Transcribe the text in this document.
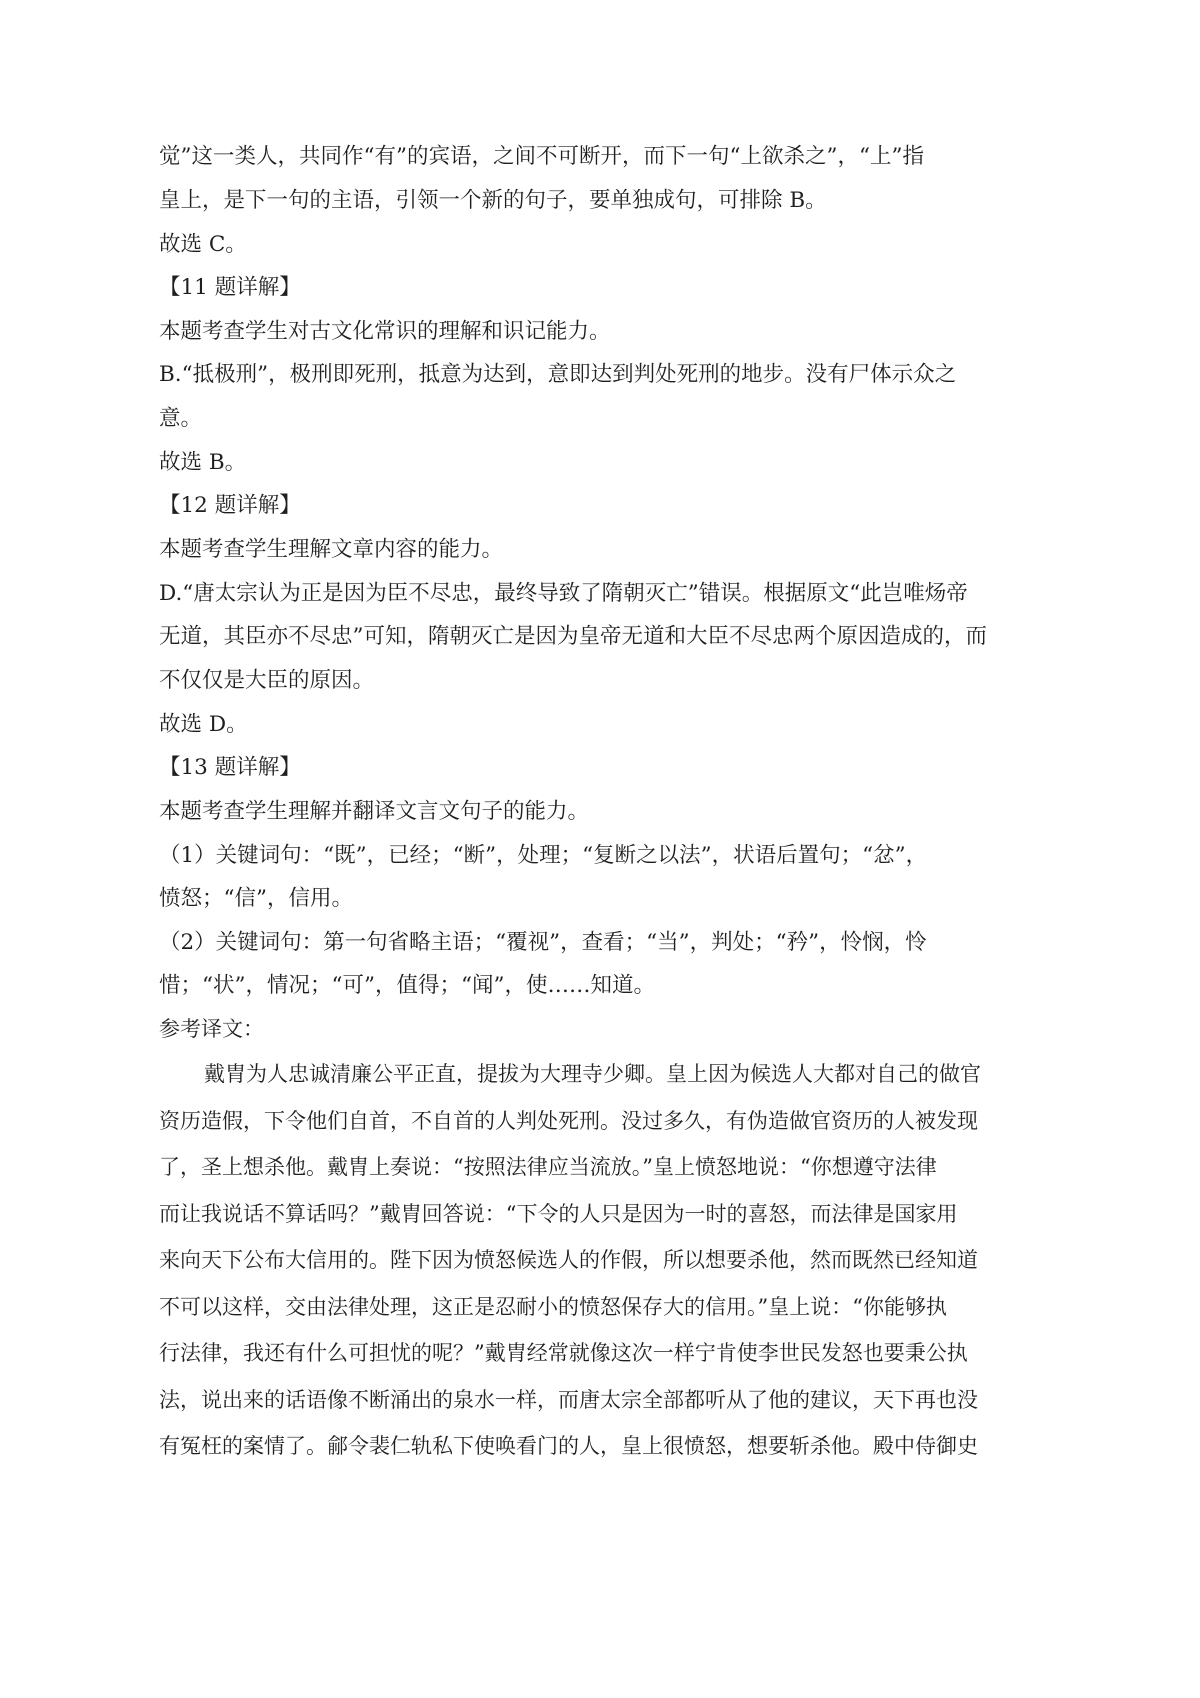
觉”这一类人，共同作“有”的宾语，之间不可断开，而下一句“上欲杀之”，“上”指
皇上，是下一句的主语，引领一个新的句子，要单独成句，可排除 B。
故选 C。
【11 题详解】
本题考查学生对古文化常识的理解和识记能力。
B.“抵极刑”，极刑即死刑，抵意为达到，意即达到判处死刑的地步。没有尸体示众之
意。
故选 B。
【12 题详解】
本题考查学生理解文章内容的能力。
D.“唐太宗认为正是因为臣不尽忠，最终导致了隋朝灭亡”错误。根据原文“此岂唯炀帝
无道，其臣亦不尽忠”可知，隋朝灭亡是因为皇帝无道和大臣不尽忠两个原因造成的，而
不仅仅是大臣的原因。
故选 D。
【13 题详解】
本题考查学生理解并翻译文言文句子的能力。
（1）关键词句：“既”，已经；“断”，处理；“复断之以法”，状语后置句；“忿”，
愤怒；“信”，信用。
（2）关键词句：第一句省略主语；“覆视”，查看；“当”，判处；“矜”，怜悯，怜
惜；“状”，情况；“可”，值得；“闻”，使……知道。
参考译文：
戴胄为人忠诚清廉公平正直，提拔为大理寺少卿。皇上因为候选人大都对自己的做官
资历造假，下令他们自首，不自首的人判处死刑。没过多久，有伪造做官资历的人被发现
了，圣上想杀他。戴胄上奏说：“按照法律应当流放。”皇上愤怒地说：“你想遵守法律
而让我说话不算话吗？”戴胄回答说：“下令的人只是因为一时的喜怒，而法律是国家用
来向天下公布大信用的。陛下因为愤怒候选人的作假，所以想要杀他，然而既然已经知道
不可以这样，交由法律处理，这正是忍耐小的愤怒保存大的信用。”皇上说：“你能够执
行法律，我还有什么可担忧的呢？”戴胄经常就像这次一样宁肯使李世民发怒也要秉公执
法，说出来的话语像不断涌出的泉水一样，而唐太宗全部都听从了他的建议，天下再也没
有冤枉的案情了。鄃令裴仁轨私下使唤看门的人，皇上很愤怒，想要斩杀他。殿中侍御史
